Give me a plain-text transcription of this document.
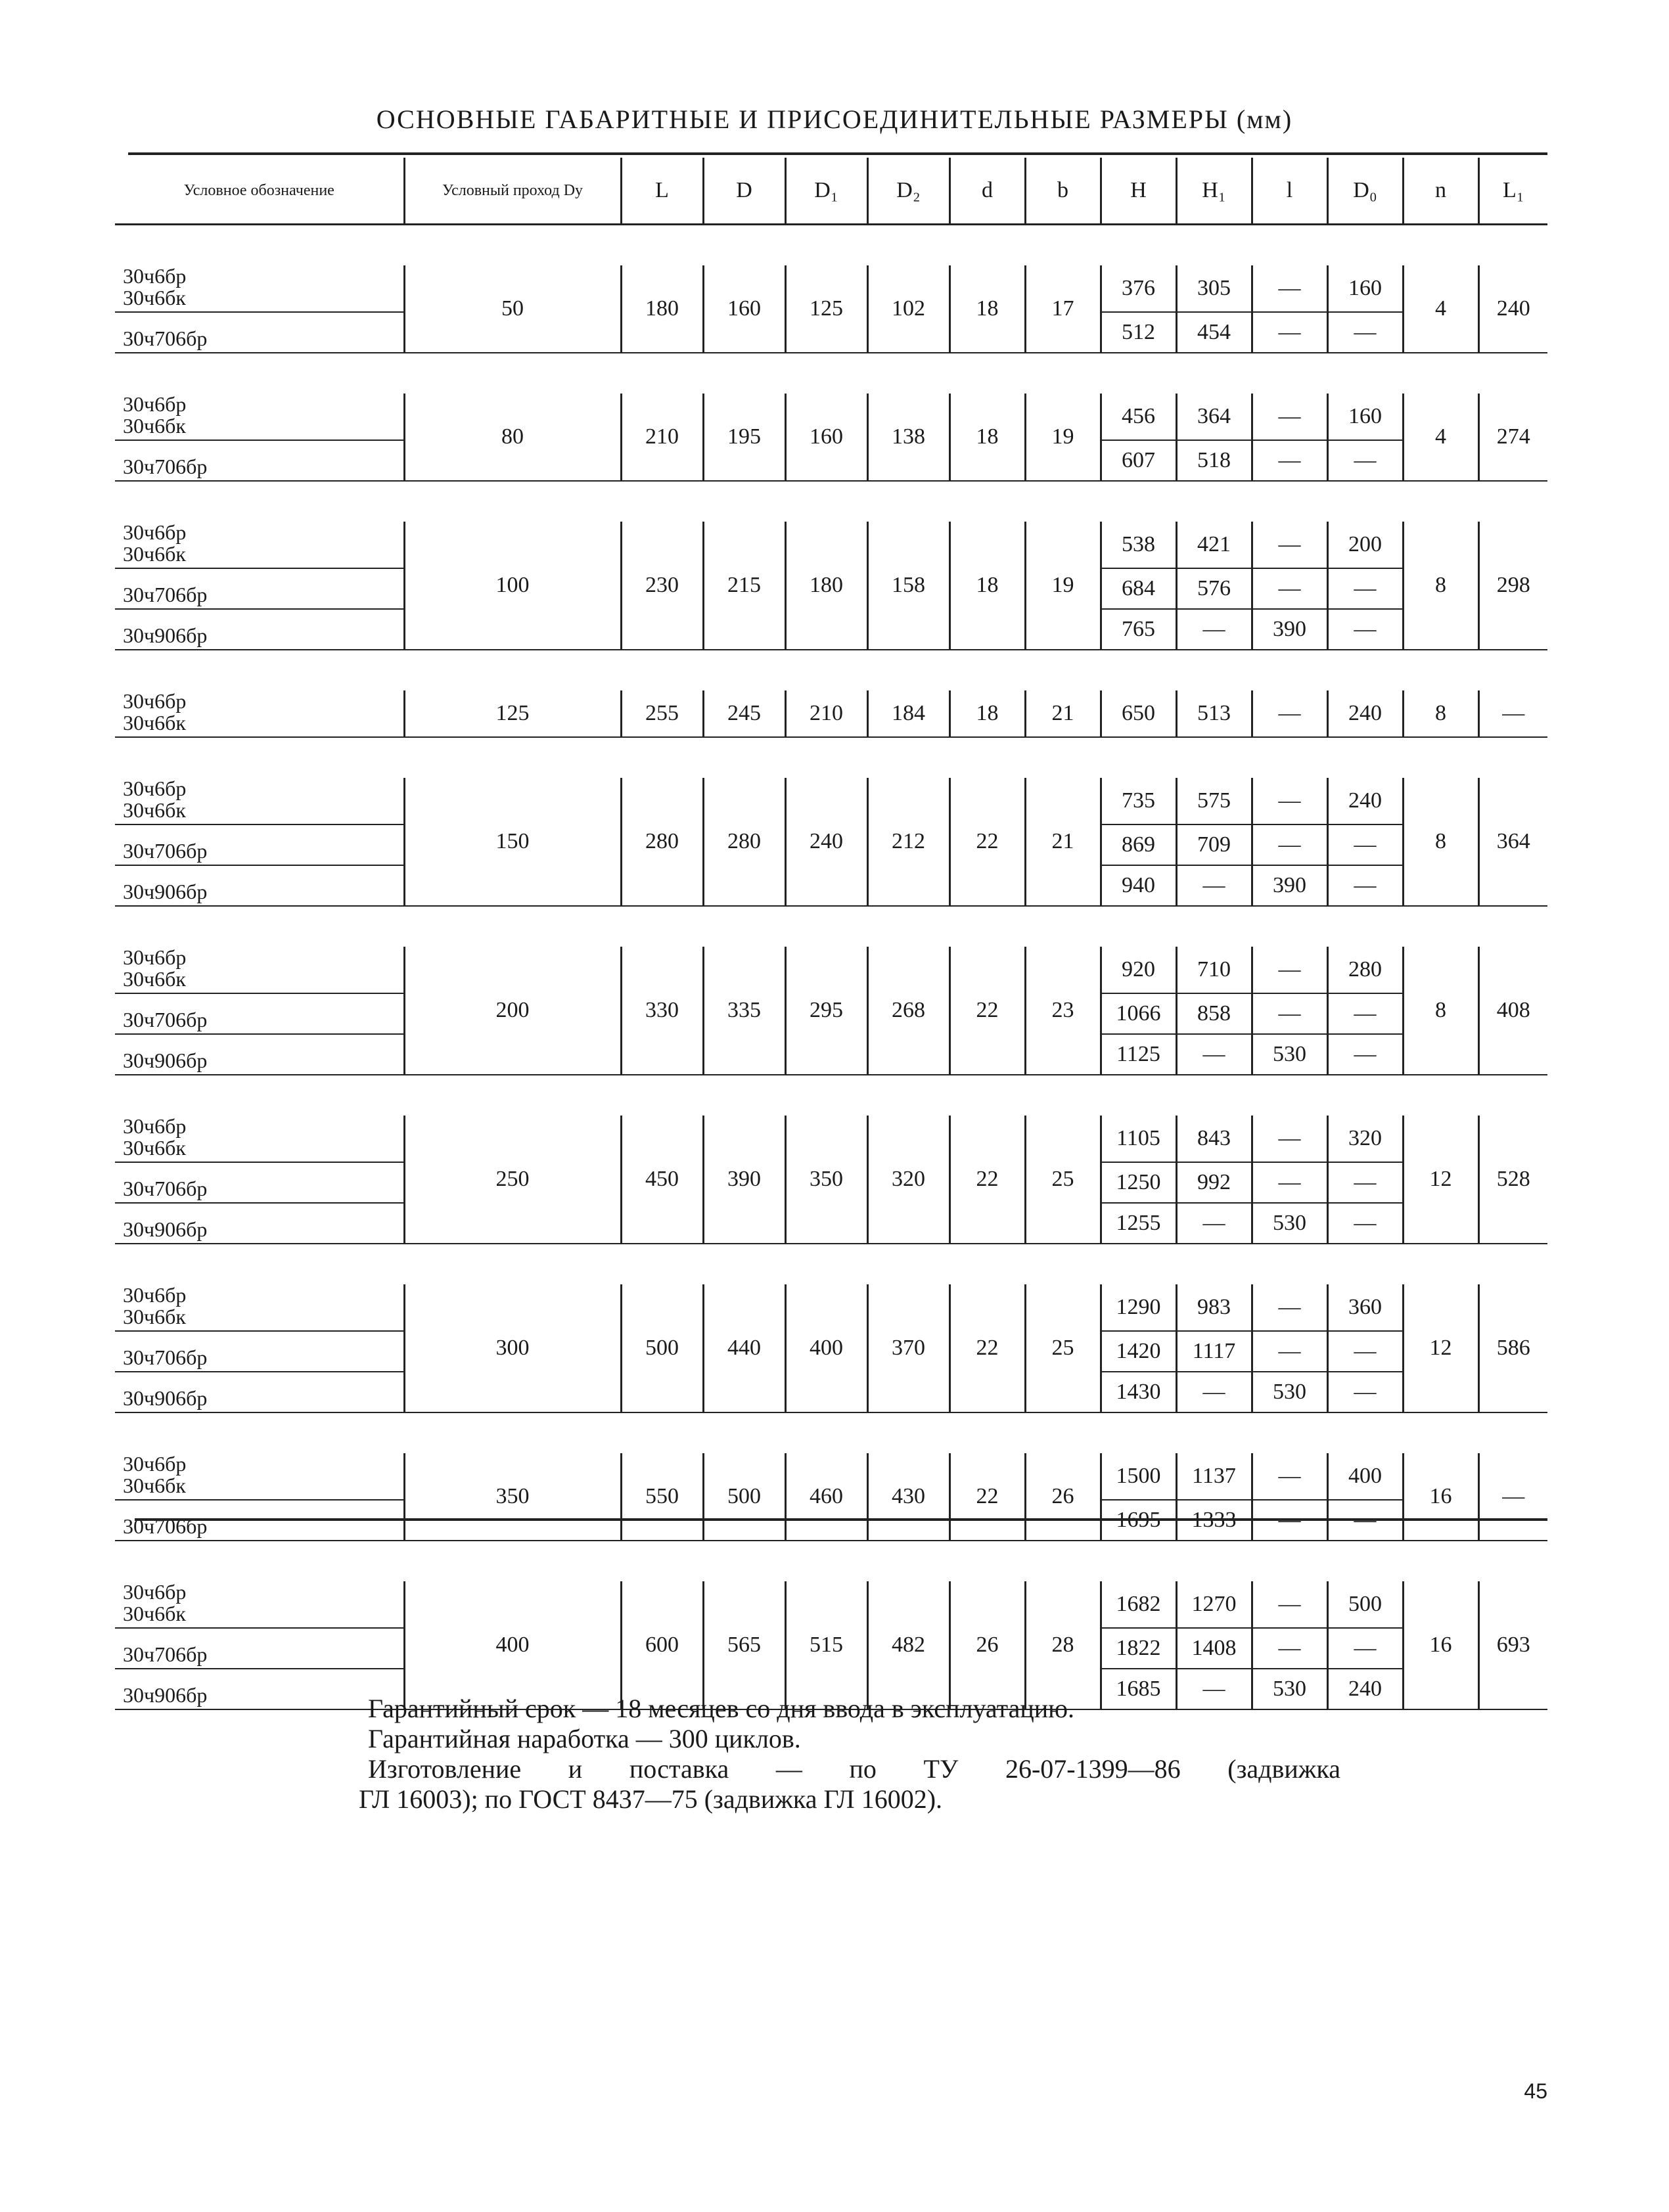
ОСНОВНЫЕ ГАБАРИТНЫЕ И ПРИСОЕДИНИТЕЛЬНЫЕ РАЗМЕРЫ (мм)
Условное обозначение	Условный проход Dy	L	D	D₁	D₂	d	b	H	H₁	l	D₀	n	L₁

30ч6бр
30ч6бк	50	180	160	125	102	18	17	376	305	—	160	4	240

30ч706бр								512	454	—	—		

30ч6бр
30ч6бк	80	210	195	160	138	18	19	456	364	—	160	4	274

30ч706бр								607	518	—	—		

30ч6бр
30ч6бк	100	230	215	180	158	18	19	538	421	—	200	8	298

30ч706бр								684	576	—	—		

30ч906бр								765	—	390	—		

30ч6бр
30ч6бк	125	255	245	210	184	18	21	650	513	—	240	8	—

30ч6бр
30ч6бк	150	280	280	240	212	22	21	735	575	—	240	8	364

30ч706бр								869	709	—	—		

30ч906бр								940	—	390	—		

30ч6бр
30ч6бк	200	330	335	295	268	22	23	920	710	—	280	8	408

30ч706бр								1066	858	—	—		

30ч906бр								1125	—	530	—		

30ч6бр
30ч6бк	250	450	390	350	320	22	25	1105	843	—	320	12	528

30ч706бр								1250	992	—	—		

30ч906бр								1255	—	530	—		

30ч6бр
30ч6бк	300	500	440	400	370	22	25	1290	983	—	360	12	586

30ч706бр								1420	1117	—	—		

30ч906бр								1430	—	530	—		

30ч6бр
30ч6бк	350	550	500	460	430	22	26	1500	1137	—	400	16	—

30ч706бр								1695	1333	—	—		

30ч6бр
30ч6бк	400	600	565	515	482	26	28	1682	1270	—	500	16	693

30ч706бр								1822	1408	—	—		

30ч906бр								1685	—	530	240		

Гарантийный срок — 18 месяцев со дня ввода в эксплуатацию.

Гарантийная наработка — 300 циклов.

Изготовление и поставка — по ТУ 26-07-1399—86 (задвижка

ГЛ 16003); по ГОСТ 8437—75 (задвижка ГЛ 16002).

45
